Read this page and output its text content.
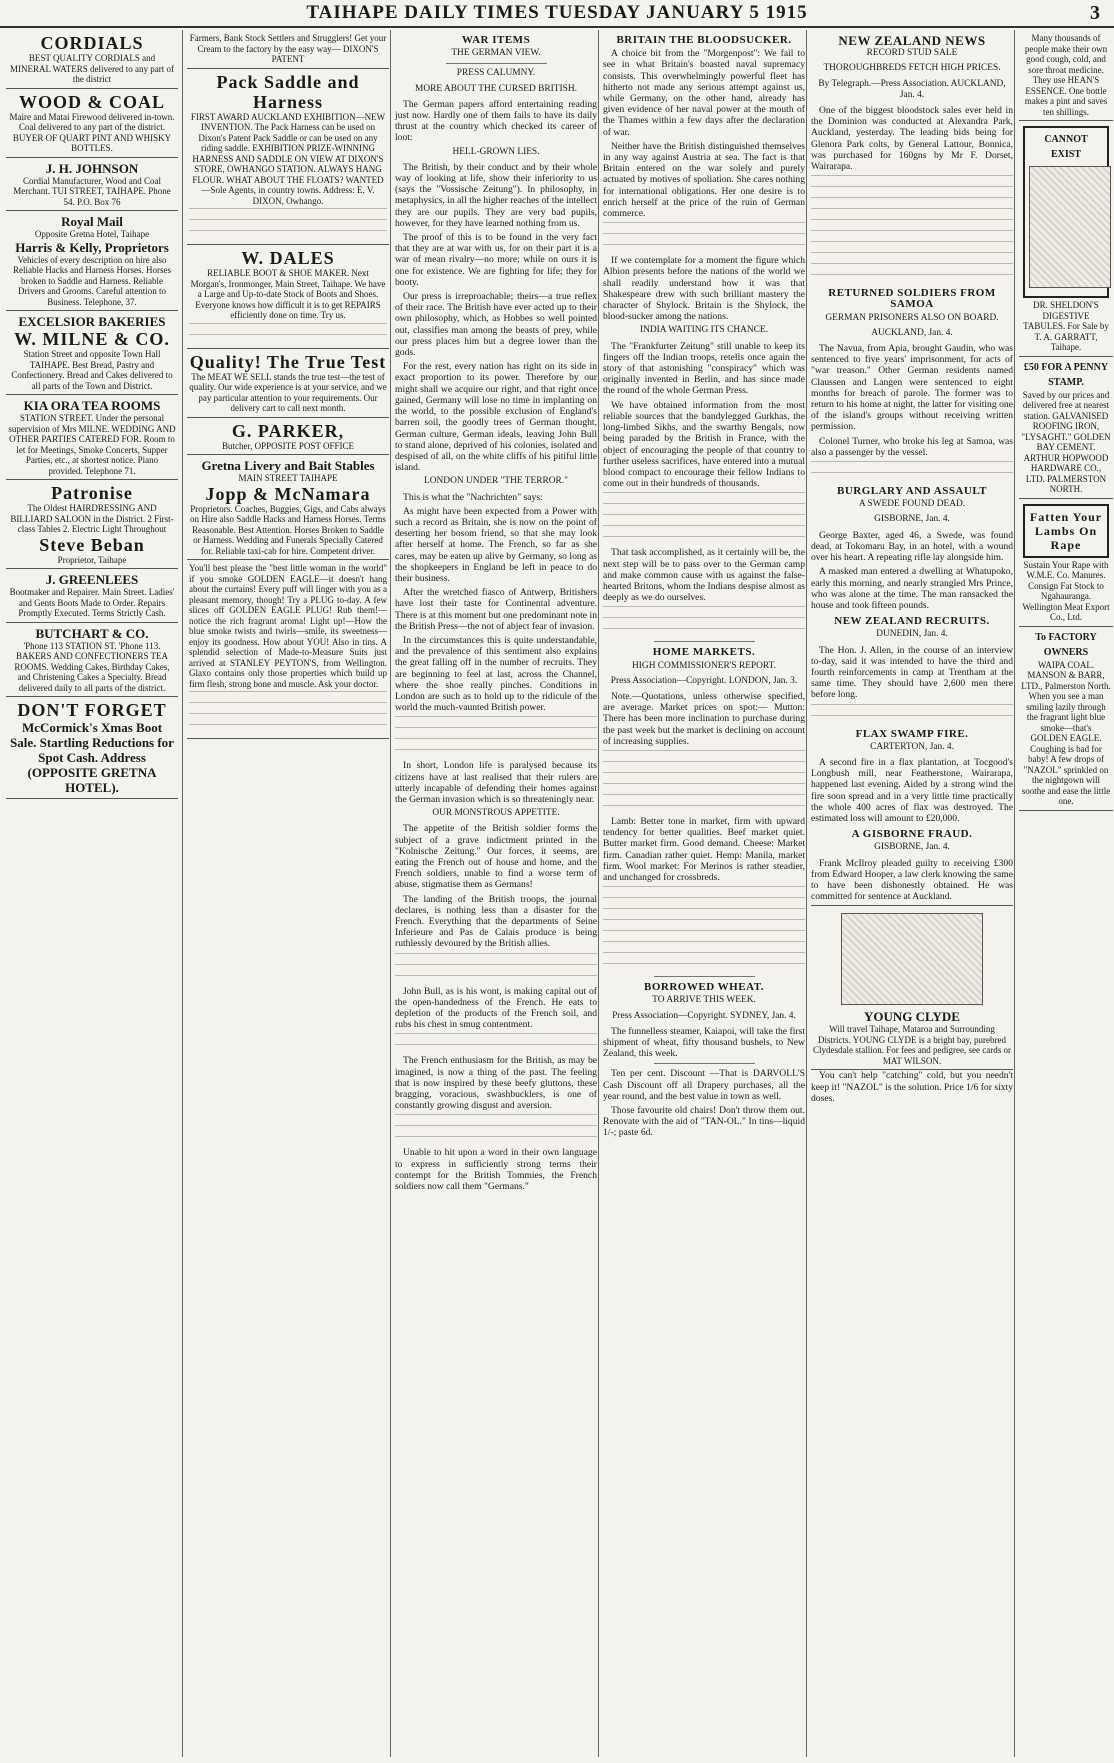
TAIHAPE DAILY TIMES TUESDAY JANUARY 5 1915	3
CORDIALS
BEST QUALITY CORDIALS and MINERAL WATERS delivered to any part of the district
WOOD & COAL
Maire and Matai Firewood delivered in-town. Coal delivered to any part of the district. BUYER OF QUART PINT AND WHISKY BOTTLES.
J. H. JOHNSON
Cordial Manufacturer, Wood and Coal Merchant. TUI STREET, TAIHAPE. Phone 54. P.O. Box 76
Royal Mail
Opposite Gretna Hotel, Taihape
Harris & Kelly, Proprietors
Vehicles of every description on hire also Reliable Hacks and Harness Horses. Horses broken to Saddle and Harness. Reliable Drivers and Grooms. Careful attention to Business. Telephone, 37.
EXCELSIOR BAKERIES
W. MILNE & CO.
Station Street and opposite Town Hall TAIHAPE. Best Bread, Pastry and Confectionery. Bread and Cakes delivered to all parts of the Town and District.
KIA ORA TEA ROOMS
STATION STREET. Under the personal supervision of Mrs MILNE. WEDDING AND OTHER PARTIES CATERED FOR. Room to let for Meetings, Smoke Concerts, Supper Parties, etc., at shortest notice. Piano provided. Telephone 71.
Patronise
The Oldest HAIRDRESSING AND BILLIARD SALOON in the District. 2 First-class Tables 2. Electric Light Throughout
Steve Beban
Proprietor, Taihape
J. GREENLEES
Bootmaker and Repairer. Main Street. Ladies' and Gents Boots Made to Order. Repairs Promptly Executed. Terms Strictly Cash.
BUTCHART & CO.
'Phone 113 STATION ST. 'Phone 113. BAKERS AND CONFECTIONERS TEA ROOMS. Wedding Cakes, Birthday Cakes, and Christening Cakes a Specialty. Bread delivered daily to all parts of the district.
DON'T FORGET
McCormick's Xmas Boot Sale. Startling Reductions for Spot Cash. Address (OPPOSITE GRETNA HOTEL).
Farmers, Bank Stock Settlers and Strugglers! Get your Cream to the factory by the easy way— DIXON'S PATENT
Pack Saddle and Harness
FIRST AWARD AUCKLAND EXHIBITION—NEW INVENTION. The Pack Harness can be used on Dixon's Patent Pack Saddle or can be used on any riding saddle. EXHIBITION PRIZE-WINNING HARNESS AND SADDLE ON VIEW AT DIXON'S STORE, OWHANGO STATION. ALWAYS HANG FLOUR. WHAT ABOUT THE FLOATS? WANTED—Sole Agents, in country towns. Address: E. V. DIXON, Owhango.
W. DALES
RELIABLE BOOT & SHOE MAKER. Next Morgan's, Ironmonger, Main Street, Taihape. We have a Large and Up-to-date Stock of Boots and Shoes. Everyone knows how difficult it is to get REPAIRS efficiently done on time. Try us.
Quality! The True Test
The MEAT WE SELL stands the true test—the test of quality. Our wide experience is at your service, and we pay particular attention to your requirements. Our delivery cart to call next month.
G. PARKER,
Butcher, OPPOSITE POST OFFICE
Gretna Livery and Bait Stables
MAIN STREET TAIHAPE
Jopp & McNamara
Proprietors. Coaches, Buggies, Gigs, and Cabs always on Hire also Saddle Hacks and Harness Horses. Terms Reasonable. Best Attention. Horses Broken to Saddle or Harness. Wedding and Funerals Specially Catered for. Reliable taxi-cab for hire. Competent driver.
You'll best please the "best little woman in the world" if you smoke GOLDEN EAGLE—it doesn't hang about the curtains! Every puff will linger with you as a pleasant memory, though! Try a PLUG to-day. A few slices off GOLDEN EAGLE PLUG! Rub them!—notice the rich fragrant aroma! Light up!—How the blue smoke twists and twirls—smile, its sweetness—enjoy its goodness. How about YOU! Also in tins. A splendid selection of Made-to-Measure Suits just arrived at STANLEY PEYTON'S, from Wellington. Glaxo contains only those properties which build up firm flesh, strong bone and muscle. Ask your doctor.
WAR ITEMS
THE GERMAN VIEW.
PRESS CALUMNY.
MORE ABOUT THE CURSED BRITISH.

The German papers afford entertaining reading just now. Hardly one of them fails to have its daily thrust at the country which checked its career of loot:

HELL-GROWN LIES.

The British, by their conduct and by their whole way of looking at life, show their inferiority to us (says the "Vossische Zeitung"). In philosophy, in metaphysics, in all the higher reaches of the intellect they are our pupils. They are very bad pupils, however, for they have learned nothing from us.

The proof of this is to be found in the very fact that they are at war with us, for on their part it is a war of mean rivalry—no more; while on ours it is one for existence. We are fighting for life; they for booty.

Our press is irreproachable; theirs—a true reflex of their race. The British have ever acted up to their own philosophy, which, as Hobbes so well pointed out, classifies man among the beasts of prey, while our press places him but a degree lower than the gods.

For the rest, every nation has right on its side in exact proportion to its power. Therefore by our might shall we acquire our right, and that right once gained, Germany will lose no time in implanting on the world, to the possible exclusion of England's barren soil, the goodly trees of German thought, German culture, German ideals, leaving John Bull to stand alone, deprived of his colonies, isolated and despised of all, on the white cliffs of his pitiful little island.

LONDON UNDER "THE TERROR."

This is what the "Nachrichten" says:

As might have been expected from a Power with such a record as Britain, she is now on the point of deserting her bosom friend, so that she may look after herself at home. The French, so far as she cares, may be eaten up alive by Germany, so long as the shopkeepers in England be left in peace to do their business.

After the wretched fiasco of Antwerp, Britishers have lost their taste for Continental adventure. There is at this moment but one predominant note in the British Press—the not of abject fear of invasion.

In the circumstances this is quite understandable, and the prevalence of this sentiment also explains the great falling off in the number of recruits. They are beginning to feel at last, across the Channel, where the shoe really pinches. Conditions in London are such as to hold up to the ridicule of the world the much-vaunted British power.

In short, London life is paralysed because its citizens have at last realised that their rulers are utterly incapable of defending their homes against the German invasion which is so threateningly near.

OUR MONSTROUS APPETITE.

The appetite of the British soldier forms the subject of a grave indictment printed in the "Kolnische Zeitung." Our forces, it seems, are eating the French out of house and home, and the French soldiers, unable to find a worse term of abuse, stigmatise them as Germans!

The landing of the British troops, the journal declares, is nothing less than a disaster for the French. Everything that the departments of Seine Inferieure and Pas de Calais produce is being ruthlessly devoured by the British allies.

John Bull, as is his wont, is making capital out of the open-handedness of the French. He eats to depletion of the products of the French soil, and rubs his chest in smug contentment.

The French enthusiasm for the British, as may be imagined, is now a thing of the past. The feeling that is now inspired by these beefy gluttons, these bragging, voracious, swashbucklers, is one of constantly growing disgust and aversion.

Unable to hit upon a word in their own language to express in sufficiently strong terms their contempt for the British Tommies, the French soldiers now call them "Germans."

BRITAIN THE BLOODSUCKER.

A choice bit from the "Morgenpost": We fail to see in what Britain's boasted naval supremacy consists. This overwhelmingly powerful fleet has hitherto not made any serious attempt against us, while Germany, on the other hand, already has given evidence of her naval power at the mouth of the Thames within a few days after the declaration of war.

Neither have the British distinguished themselves in any way against Austria at sea. The fact is that Britain entered on the war solely and purely actuated by motives of spoliation. She cares nothing for international obligations. Her one desire is to enrich herself at the price of the ruin of German commerce.

If we contemplate for a moment the figure which Albion presents before the nations of the world we shall readily understand how it was that Shakespeare drew with such brilliant mastery the character of Shylock. Britain is the Shylock, the blood-sucker among the nations.

INDIA WAITING ITS CHANCE.

The "Frankfurter Zeitung" still unable to keep its fingers off the Indian troops, retells once again the story of that astonishing "conspiracy" which was originally invented in Berlin, and has since made the round of the whole German Press.

We have obtained information from the most reliable sources that the bandylegged Gurkhas, the long-limbed Sikhs, and the swarthy Bengals, now being paraded by the British in France, with the object of encouraging the people of that country to further useless sacrifices, have entered into a mutual blood compact to encourage their fellow Indians to come out in their hundreds of thousands.

That task accomplished, as it certainly will be, the next step will be to pass over to the German camp and make common cause with us against the false-hearted Britons, whom the Indians despise almost as deeply as we do ourselves.

HOME MARKETS.
HIGH COMMISSIONER'S REPORT.
Press Association—Copyright. LONDON, Jan. 3.

Note.—Quotations, unless otherwise specified, are average. Market prices on spot:— Mutton: There has been more inclination to purchase during the past week but the market is declining on account of increasing supplies.

Lamb: Better tone in market, firm with upward tendency for better qualities. Beef market quiet. Butter market firm. Good demand. Cheese: Market firm. Canadian rather quiet. Hemp: Manila, market firm. Wool market: For Merinos is rather steadier, and unchanged for crossbreds.

BORROWED WHEAT.
TO ARRIVE THIS WEEK.
Press Association—Copyright. SYDNEY, Jan. 4.

The funnelless steamer, Kaiapoi, will take the first shipment of wheat, fifty thousand bushels, to New Zealand, this week.

Ten per cent. Discount —That is DARVOLL'S Cash Discount off all Drapery purchases, all the year round, and the best value in town as well.

Those favourite old chairs! Don't throw them out. Renovate with the aid of "TAN-OL." In tins—liquid 1/-; paste 6d.

NEW ZEALAND NEWS
RECORD STUD SALE
THOROUGHBREDS FETCH HIGH PRICES.
By Telegraph.—Press Association. AUCKLAND, Jan. 4.

One of the biggest bloodstock sales ever held in the Dominion was conducted at Alexandra Park, Auckland, yesterday. The leading bids being for Glenora Park colts, by General Lattour, Bonnica, was purchased for 160gns by Mr F. Dorset, Wairarapa.

RETURNED SOLDIERS FROM SAMOA
GERMAN PRISONERS ALSO ON BOARD.
AUCKLAND, Jan. 4.

The Navua, from Apia, brought Gaudin, who was sentenced to five years' imprisonment, for acts of "war treason." Other German residents named Claussen and Langen were sentenced to eight months for breach of parole. The former was to return to his home at night, the latter for visiting one of the island's groups without receiving written permission.

Colonel Turner, who broke his leg at Samoa, was also a passenger by the vessel.

BURGLARY AND ASSAULT
A SWEDE FOUND DEAD.
GISBORNE, Jan. 4.

George Baxter, aged 46, a Swede, was found dead, at Tokomaru Bay, in an hotel, with a wound over his heart. A repeating rifle lay alongside him.

A masked man entered a dwelling at Whatupoko, early this morning, and nearly strangled Mrs Prince, who was alone at the time. The man ransacked the house and took fifteen pounds.

NEW ZEALAND RECRUITS.
DUNEDIN, Jan. 4.

The Hon. J. Allen, in the course of an interview to-day, said it was intended to have the third and fourth reinforcements in camp at Trentham at the same time. They should have 2,600 men there before long.

FLAX SWAMP FIRE.
CARTERTON, Jan. 4.

A second fire in a flax plantation, at Tocgood's Longbush mill, near Featherstone, Wairarapa, happened last evening. Aided by a strong wind the fire soon spread and in a very little time practically the whole 400 acres of flax was destroyed. The estimated loss will amount to £20,000.

A GISBORNE FRAUD.
GISBORNE, Jan. 4.

Frank McIlroy pleaded guilty to receiving £300 from Edward Hooper, a law clerk knowing the same to have been dishonestly obtained. He was committed for sentence at Auckland.

YOUNG CLYDE
Will travel Taihape, Mataroa and Surrounding Districts. YOUNG CLYDE is a bright bay, purebred Clydesdale stallion. For fees and pedigree, see cards or MAT WILSON.

You can't help "catching" cold, but you needn't keep it! "NAZOL" is the solution. Price 1/6 for sixty doses.

Many thousands of people make their own good cough, cold, and sore throat medicine. They use HEAN'S ESSENCE. One bottle makes a pint and saves ten shillings.
CANNOT EXIST
DR. SHELDON'S DIGESTIVE TABULES. For Sale by T. A. GARRATT, Taihape.
£50 FOR A PENNY STAMP.
Saved by our prices and delivered free at nearest station. GALVANISED ROOFING IRON, "LYSAGHT." GOLDEN BAY CEMENT. ARTHUR HOPWOOD HARDWARE CO., LTD. PALMERSTON NORTH.
Fatten Your Lambs On Rape
Sustain Your Rape with W.M.E. Co. Manures. Consign Fat Stock to Ngahauranga. Wellington Meat Export Co., Ltd.
To FACTORY OWNERS
WAIPA COAL. MANSON & BARR, LTD., Palmerston North. When you see a man smiling lazily through the fragrant light blue smoke—that's GOLDEN EAGLE. Coughing is bad for baby! A few drops of "NAZOL" sprinkled on the nightgown will soothe and ease the little one.
